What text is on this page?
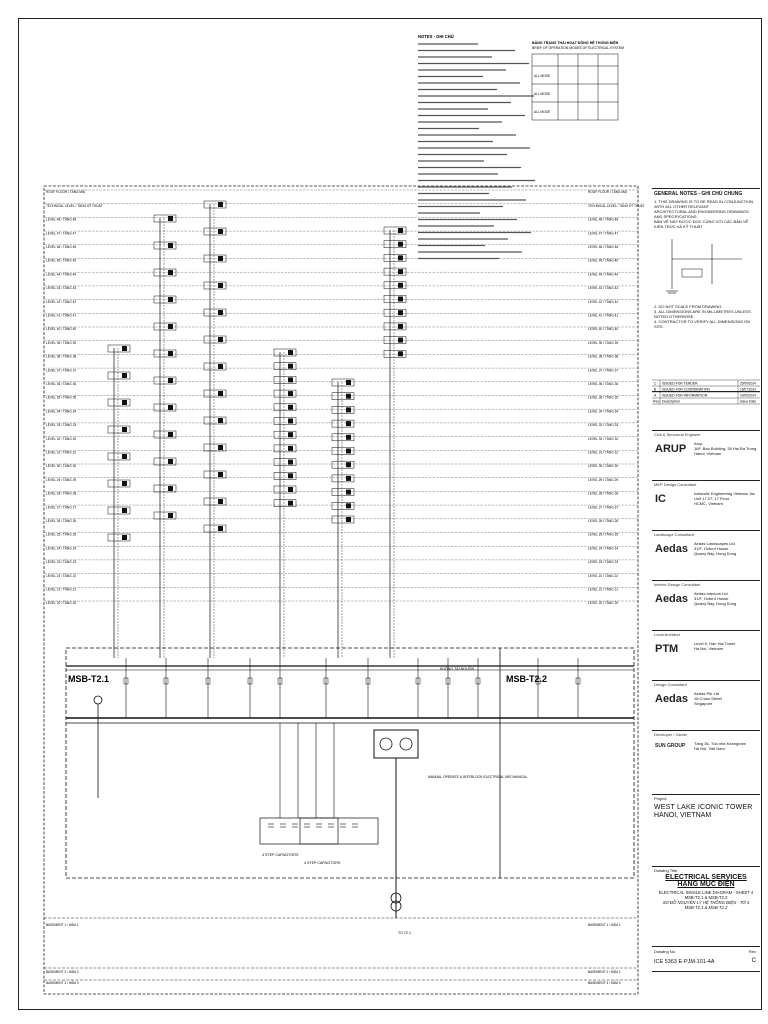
MSB-T2.1	MSB-T2.2
4 STEP CAPACITORS
4 STEP CAPACITORS
KHÔNG TẢI NGUỒN
TO T2.1
MANUAL OPERATE & INTERLOCK ELECTRICAL MECHANICAL
NOTES - GHI CHÚ
BẢNG TRẠNG THÁI HOẠT ĐỘNG HỆ THỐNG ĐIỆN
BRIEF OF OPERATION MODES OF ELECTRICAL SYSTEM
ALL MODE
ALL MODE
ALL MODE
ROOF FLOOR / TẦNG MÁI	ROOF FLOOR / TẦNG MÁI
TECHNICAL LEVEL / TẦNG KỸ THUẬT	TECHNICAL LEVEL / TẦNG KỸ THUẬT
LEVEL 48 / TẦNG 48	LEVEL 48 / TẦNG 48
LEVEL 47 / TẦNG 47	LEVEL 47 / TẦNG 47
LEVEL 46 / TẦNG 46	LEVEL 46 / TẦNG 46
LEVEL 45 / TẦNG 45	LEVEL 45 / TẦNG 45
LEVEL 44 / TẦNG 44	LEVEL 44 / TẦNG 44
LEVEL 43 / TẦNG 43	LEVEL 43 / TẦNG 43
LEVEL 42 / TẦNG 42	LEVEL 42 / TẦNG 42
LEVEL 41 / TẦNG 41	LEVEL 41 / TẦNG 41
LEVEL 40 / TẦNG 40	LEVEL 40 / TẦNG 40
LEVEL 39 / TẦNG 39	LEVEL 39 / TẦNG 39
LEVEL 38 / TẦNG 38	LEVEL 38 / TẦNG 38
LEVEL 37 / TẦNG 37	LEVEL 37 / TẦNG 37
LEVEL 36 / TẦNG 36	LEVEL 36 / TẦNG 36
LEVEL 35 / TẦNG 35	LEVEL 35 / TẦNG 35
LEVEL 34 / TẦNG 34	LEVEL 34 / TẦNG 34
LEVEL 33 / TẦNG 33	LEVEL 33 / TẦNG 33
LEVEL 32 / TẦNG 32	LEVEL 32 / TẦNG 32
LEVEL 31 / TẦNG 31	LEVEL 31 / TẦNG 31
LEVEL 30 / TẦNG 30	LEVEL 30 / TẦNG 30
LEVEL 29 / TẦNG 29	LEVEL 29 / TẦNG 29
LEVEL 28 / TẦNG 28	LEVEL 28 / TẦNG 28
LEVEL 27 / TẦNG 27	LEVEL 27 / TẦNG 27
LEVEL 26 / TẦNG 26	LEVEL 26 / TẦNG 26
LEVEL 25 / TẦNG 25	LEVEL 25 / TẦNG 25
LEVEL 24 / TẦNG 24	LEVEL 24 / TẦNG 24
LEVEL 23 / TẦNG 23	LEVEL 23 / TẦNG 23
LEVEL 22 / TẦNG 22	LEVEL 22 / TẦNG 22
LEVEL 21 / TẦNG 21	LEVEL 21 / TẦNG 21
LEVEL 20 / TẦNG 20	LEVEL 20 / TẦNG 20
BASEMENT 1 / HẦM 1	BASEMENT 1 / HẦM 1
BASEMENT 2 / HẦM 2	BASEMENT 2 / HẦM 2
BASEMENT 3 / HẦM 3	BASEMENT 3 / HẦM 3
GENERAL NOTES - GHI CHÚ CHUNG
1. THIS DRAWING IS TO BE READ IN CONJUNCTION WITH ALL OTHER RELEVANT
ARCHITECTURAL AND ENGINEERING DRAWINGS AND SPECIFICATIONS.
BẢN VẼ NÀY ĐƯỢC ĐỌC CÙNG VỚI CÁC BẢN VẼ KIẾN TRÚC VÀ KỸ THUẬT
2. DO NOT SCALE FROM DRAWING.
3. ALL DIMENSIONS ARE IN MILLIMETRES UNLESS NOTED OTHERWISE.
4. CONTRACTOR TO VERIFY ALL DIMENSIONS ON SITE.
Rev Description	Issue Date
C ISSUED FOR TENDER	25/09/2014
B ISSUED FOR COORDINATION	15/07/2014
A ISSUED FOR INFORMATION	20/05/2014
Civil & Structural Engineer
ARUP Arup
16F, Bao Building, 35 Hai Ba Trung
Hanoi, Vietnam
MEP Design Consultant
IC	Icelandic Engineering Vietnam Jsc
Unit 17.07, 17 Floor
HCMC, Vietnam
Landscape Consultant
Aedas Aedas Landscapes Ltd
31/F, Oxford House
Quarry Bay, Hong Kong
Interior Design Consultant
Aedas Aedas Interiors Ltd
31/F, Oxford House
Quarry Bay, Hong Kong
Local Architect
PTM	Level 5, Han Hai Tower
Ha Noi, Vietnam
Design Consultant
Aedas Aedas Pte Ltd
18 Cross Street
Singapore
Developer / Owner
SUN GROUP Tầng 36, Tòa nhà Keangnam
Hà Nội, Việt Nam
Project
WEST LAKE ICONIC TOWER
HANOI, VIETNAM
Drawing Title
ELECTRICAL SERVICES
HẠNG MỤC ĐIỆN
ELECTRICAL SINGLE LINE DIAGRAM - SHEET 4
MSB-T2.1 & MSB-T2.2
SƠ ĐỒ NGUYÊN LÝ HỆ THỐNG ĐIỆN - TỜ 4
MSB-T2.1 & MSB-T2.2
Drawing No.
ICE 5363 E-PJM-101-4A
Rev
C
